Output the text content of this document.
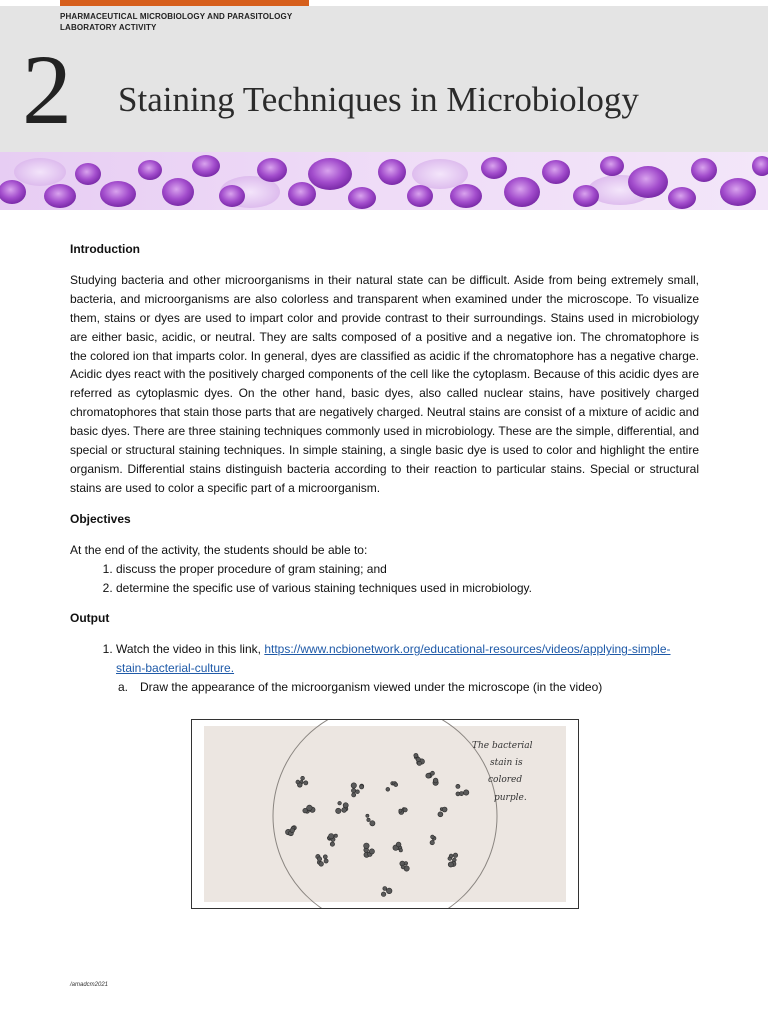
PHARMACEUTICAL MICROBIOLOGY AND PARASITOLOGY
LABORATORY ACTIVITY
2 Staining Techniques in Microbiology
Introduction
Studying bacteria and other microorganisms in their natural state can be difficult. Aside from being extremely small, bacteria, and microorganisms are also colorless and transparent when examined under the microscope. To visualize them, stains or dyes are used to impart color and provide contrast to their surroundings. Stains used in microbiology are either basic, acidic, or neutral. They are salts composed of a positive and a negative ion. The chromatophore is the colored ion that imparts color. In general, dyes are classified as acidic if the chromatophore has a negative charge. Acidic dyes react with the positively charged components of the cell like the cytoplasm. Because of this acidic dyes are referred as cytoplasmic dyes. On the other hand, basic dyes, also called nuclear stains, have positively charged chromatophores that stain those parts that are negatively charged. Neutral stains are consist of a mixture of acidic and basic dyes. There are three staining techniques commonly used in microbiology. These are the simple, differential, and special or structural staining techniques. In simple staining, a single basic dye is used to color and highlight the entire organism. Differential stains distinguish bacteria according to their reaction to particular stains. Special or structural stains are used to color a specific part of a microorganism.
Objectives
At the end of the activity, the students should be able to:
1. discuss the proper procedure of gram staining; and
2. determine the specific use of various staining techniques used in microbiology.
Output
1. Watch the video in this link, https://www.ncbionetwork.org/educational-resources/videos/applying-simple-stain-bacterial-culture.
a. Draw the appearance of the microorganism viewed under the microscope (in the video)
The bacterial
stain is
colored
purple.
/amadcm2021
